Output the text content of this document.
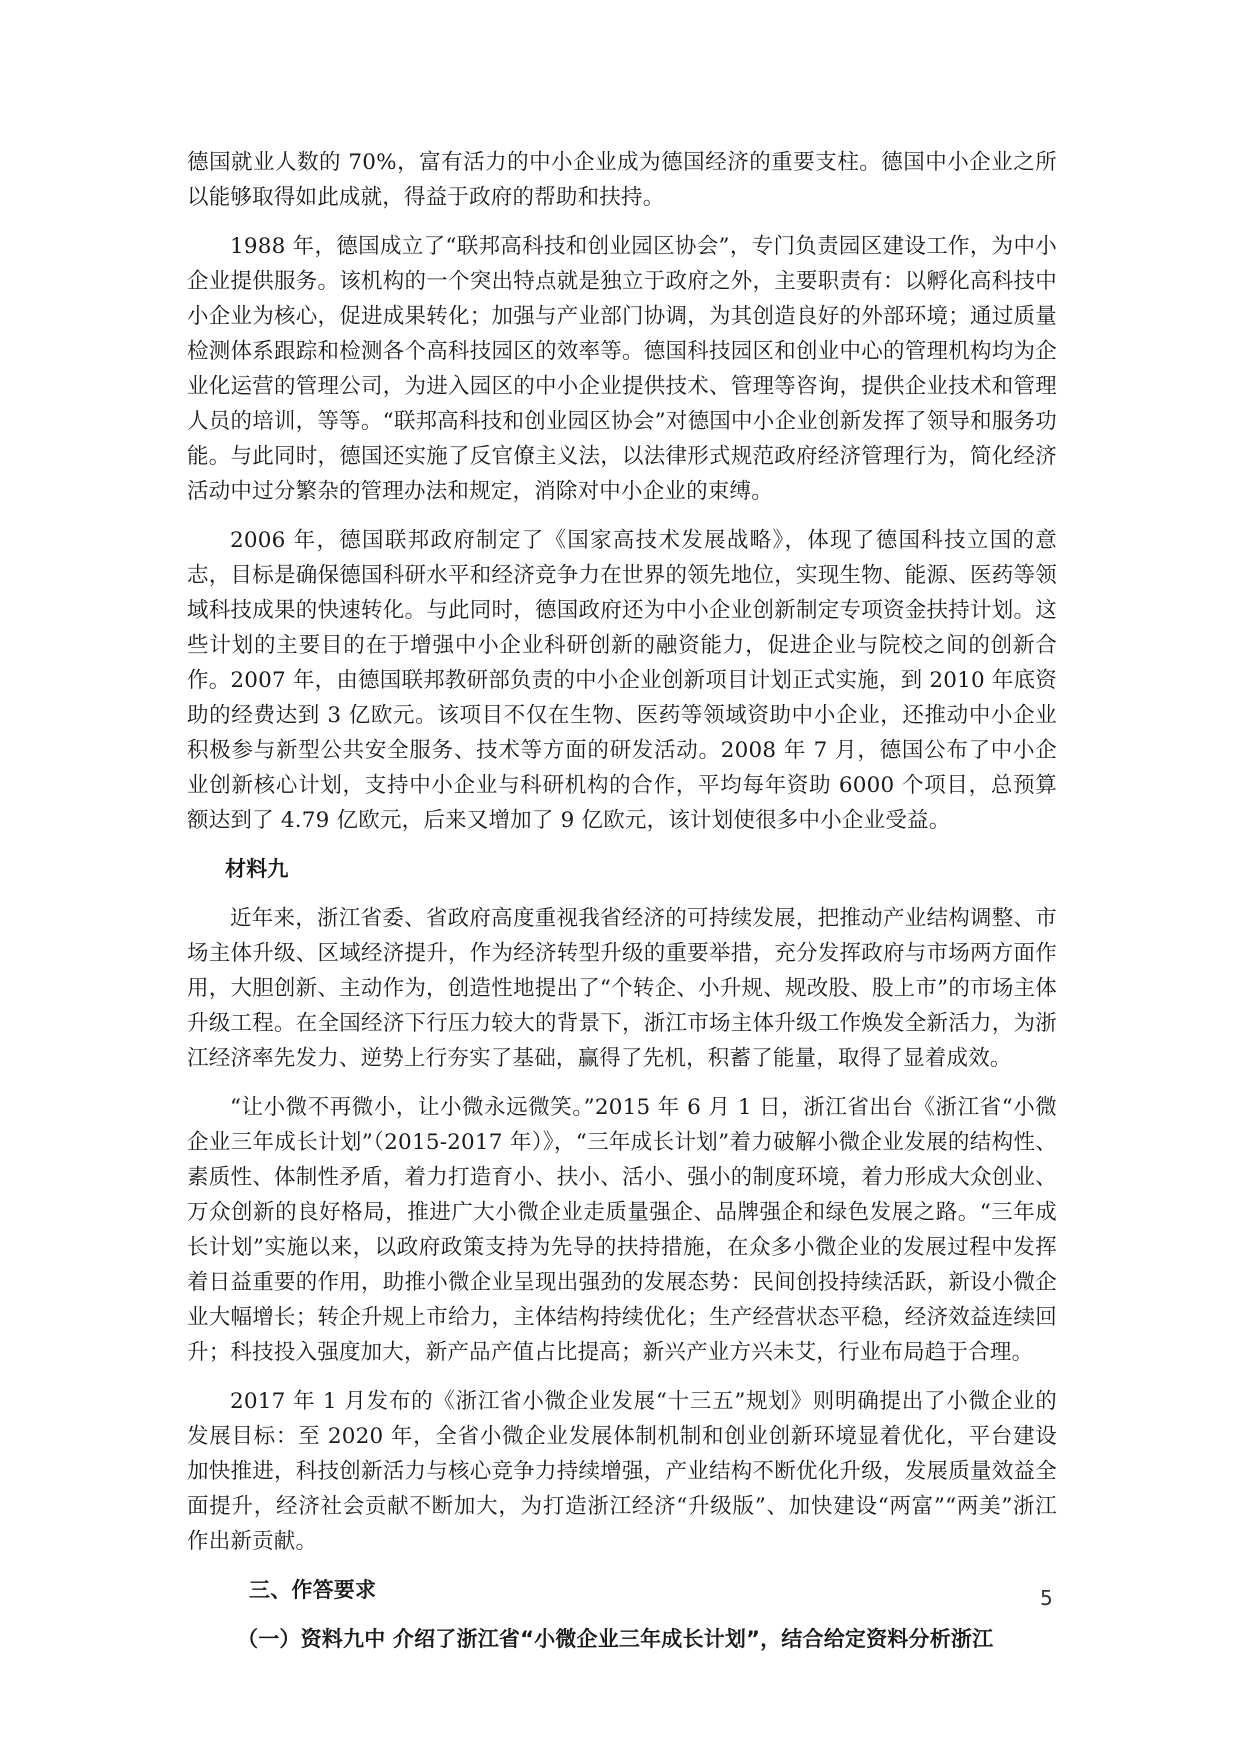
德国就业人数的 70%，富有活力的中小企业成为德国经济的重要支柱。德国中小企业之所以能够取得如此成就，得益于政府的帮助和扶持。

1988 年，德国成立了“联邦高科技和创业园区协会”，专门负责园区建设工作，为中小企业提供服务。该机构的一个突出特点就是独立于政府之外，主要职责有：以孵化高科技中小企业为核心，促进成果转化；加强与产业部门协调，为其创造良好的外部环境；通过质量检测体系跟踪和检测各个高科技园区的效率等。德国科技园区和创业中心的管理机构均为企业化运营的管理公司，为进入园区的中小企业提供技术、管理等咨询，提供企业技术和管理人员的培训，等等。“联邦高科技和创业园区协会”对德国中小企业创新发挥了领导和服务功能。与此同时，德国还实施了反官僚主义法，以法律形式规范政府经济管理行为，简化经济活动中过分繁杂的管理办法和规定，消除对中小企业的束缚。

2006 年，德国联邦政府制定了《国家高技术发展战略》，体现了德国科技立国的意志，目标是确保德国科研水平和经济竞争力在世界的领先地位，实现生物、能源、医药等领域科技成果的快速转化。与此同时，德国政府还为中小企业创新制定专项资金扶持计划。这些计划的主要目的在于增强中小企业科研创新的融资能力，促进企业与院校之间的创新合作。2007 年，由德国联邦教研部负责的中小企业创新项目计划正式实施，到 2010 年底资助的经费达到 3 亿欧元。该项目不仅在生物、医药等领域资助中小企业，还推动中小企业积极参与新型公共安全服务、技术等方面的研发活动。2008 年 7 月，德国公布了中小企业创新核心计划，支持中小企业与科研机构的合作，平均每年资助 6000 个项目，总预算额达到了 4.79 亿欧元，后来又增加了 9 亿欧元，该计划使很多中小企业受益。

材料九

近年来，浙江省委、省政府高度重视我省经济的可持续发展，把推动产业结构调整、市场主体升级、区域经济提升，作为经济转型升级的重要举措，充分发挥政府与市场两方面作用，大胆创新、主动作为，创造性地提出了“个转企、小升规、规改股、股上市”的市场主体升级工程。在全国经济下行压力较大的背景下，浙江市场主体升级工作焕发全新活力，为浙江经济率先发力、逆势上行夯实了基础，赢得了先机，积蓄了能量，取得了显着成效。

“让小微不再微小，让小微永远微笑。”2015 年 6 月 1 日，浙江省出台《浙江省“小微企业三年成长计划”（2015-2017 年）》，“三年成长计划”着力破解小微企业发展的结构性、素质性、体制性矛盾，着力打造育小、扶小、活小、强小的制度环境，着力形成大众创业、万众创新的良好格局，推进广大小微企业走质量强企、品牌强企和绿色发展之路。“三年成长计划”实施以来，以政府政策支持为先导的扶持措施，在众多小微企业的发展过程中发挥着日益重要的作用，助推小微企业呈现出强劲的发展态势：民间创投持续活跃，新设小微企业大幅增长；转企升规上市给力，主体结构持续优化；生产经营状态平稳，经济效益连续回升；科技投入强度加大，新产品产值占比提高；新兴产业方兴未艾，行业布局趋于合理。

2017 年 1 月发布的《浙江省小微企业发展“十三五”规划》则明确提出了小微企业的发展目标：至 2020 年，全省小微企业发展体制机制和创业创新环境显着优化，平台建设加快推进，科技创新活力与核心竞争力持续增强，产业结构不断优化升级，发展质量效益全面提升，经济社会贡献不断加大，为打造浙江经济“升级版”、加快建设“两富”“两美”浙江作出新贡献。

三、作答要求

（一）资料九中 介绍了浙江省“小微企业三年成长计划”，结合给定资料分析浙江

5
